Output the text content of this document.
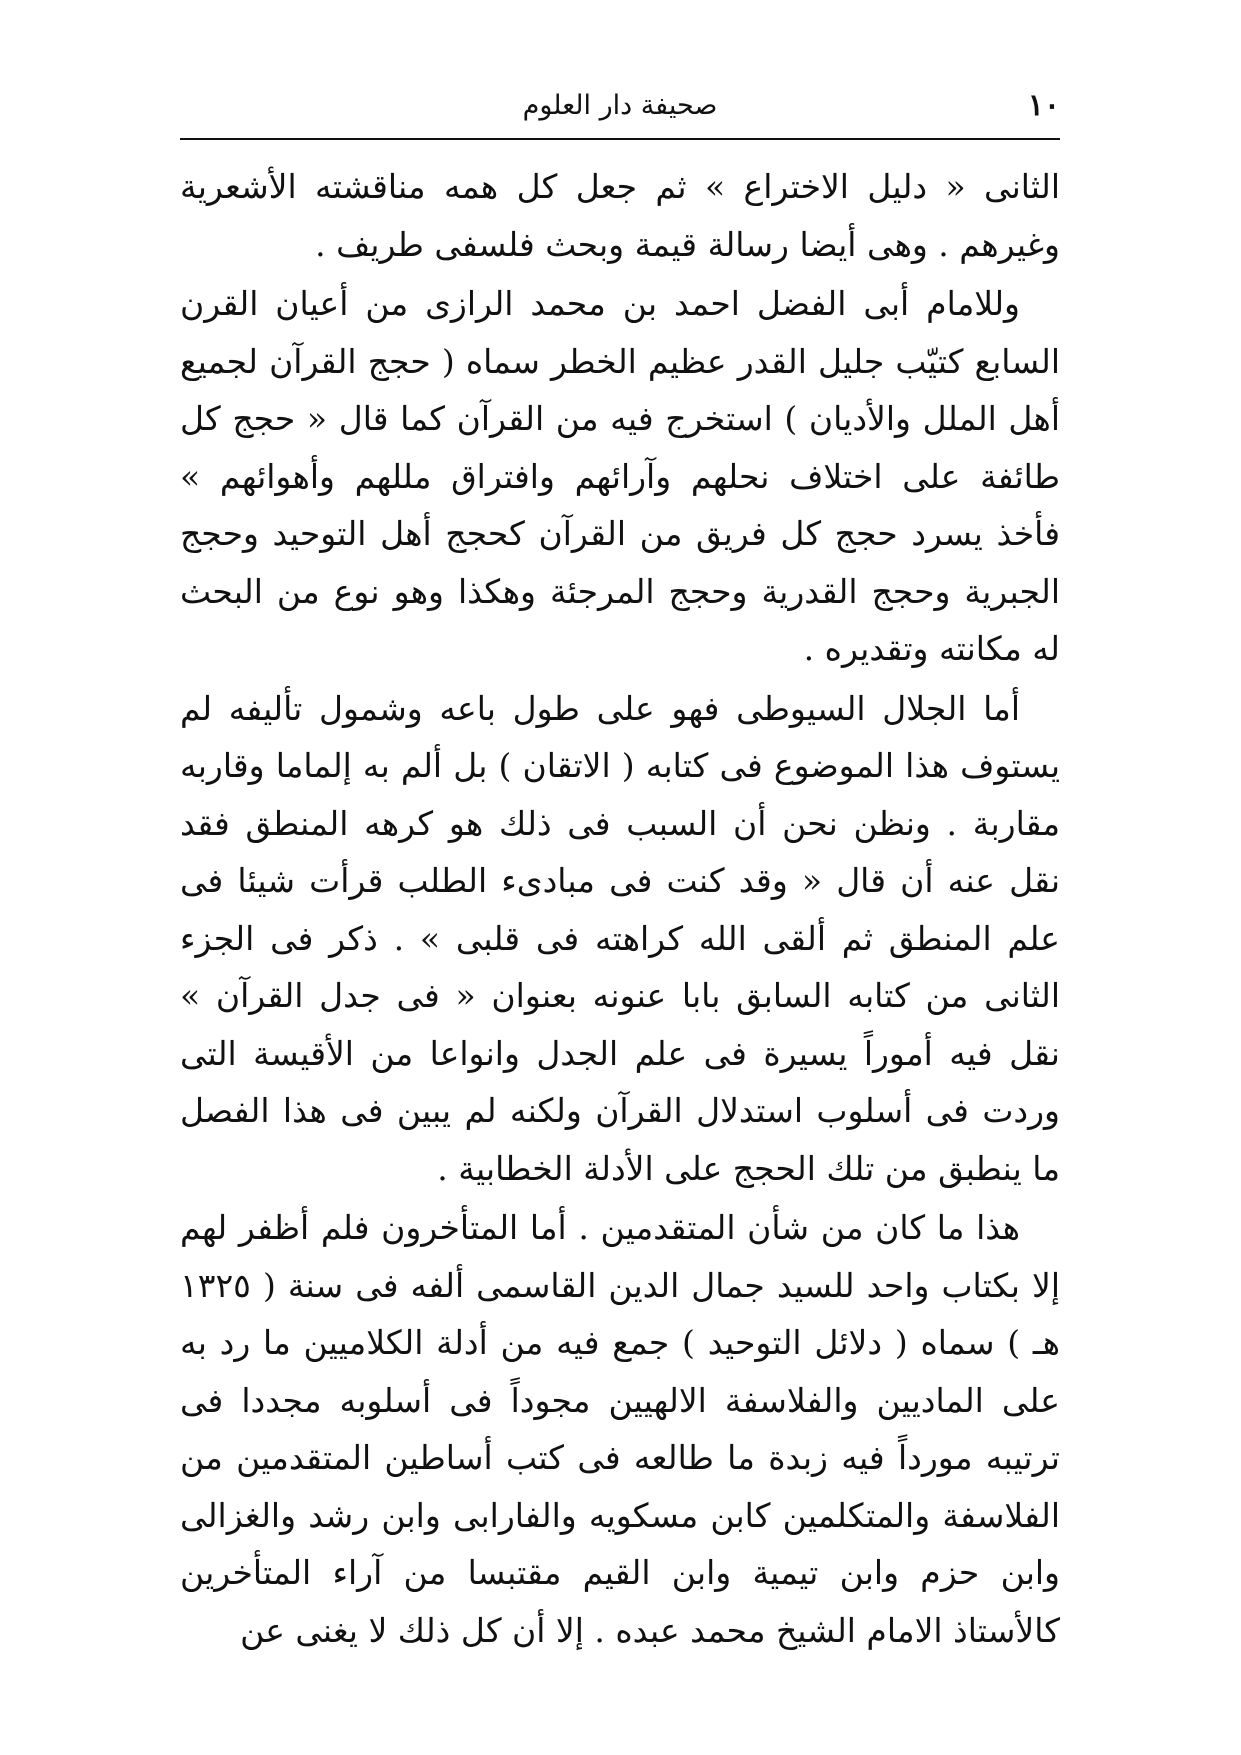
١٠
صحيفة دار العلوم

الثانى « دليل الاختراع » ثم جعل كل همه مناقشته الأشعرية وغيرهم . وهى أيضا رسالة قيمة وبحث فلسفى طريف .

وللامام أبى الفضل احمد بن محمد الرازى من أعيان القرن السابع كتيّب جليل القدر عظيم الخطر سماه ( حجج القرآن لجميع أهل الملل والأديان ) استخرج فيه من القرآن كما قال « حجج كل طائفة على اختلاف نحلهم وآرائهم وافتراق مللهم وأهوائهم » فأخذ يسرد حجج كل فريق من القرآن كحجج أهل التوحيد وحجج الجبرية وحجج القدرية وحجج المرجئة وهكذا وهو نوع من البحث له مكانته وتقديره .

أما الجلال السيوطى فهو على طول باعه وشمول تأليفه لم يستوف هذا الموضوع فى كتابه ( الاتقان ) بل ألم به إلماما وقاربه مقاربة . ونظن نحن أن السبب فى ذلك هو كرهه المنطق فقد نقل عنه أن قال « وقد كنت فى مبادىء الطلب قرأت شيئا فى علم المنطق ثم ألقى الله كراهته فى قلبى » . ذكر فى الجزء الثانى من كتابه السابق بابا عنونه بعنوان « فى جدل القرآن » نقل فيه أموراً يسيرة فى علم الجدل وانواعا من الأقيسة التى وردت فى أسلوب استدلال القرآن ولكنه لم يبين فى هذا الفصل ما ينطبق من تلك الحجج على الأدلة الخطابية .

هذا ما كان من شأن المتقدمين . أما المتأخرون فلم أظفر لهم إلا بكتاب واحد للسيد جمال الدين القاسمى ألفه فى سنة ( ١٣٢٥ هـ ) سماه ( دلائل التوحيد ) جمع فيه من أدلة الكلاميين ما رد به على الماديين والفلاسفة الالهيين مجوداً فى أسلوبه مجددا فى ترتيبه مورداً فيه زبدة ما طالعه فى كتب أساطين المتقدمين من الفلاسفة والمتكلمين كابن مسكويه والفارابى وابن رشد والغزالى وابن حزم وابن تيمية وابن القيم مقتبسا من آراء المتأخرين كالأستاذ الامام الشيخ محمد عبده . إلا أن كل ذلك لا يغنى عن
